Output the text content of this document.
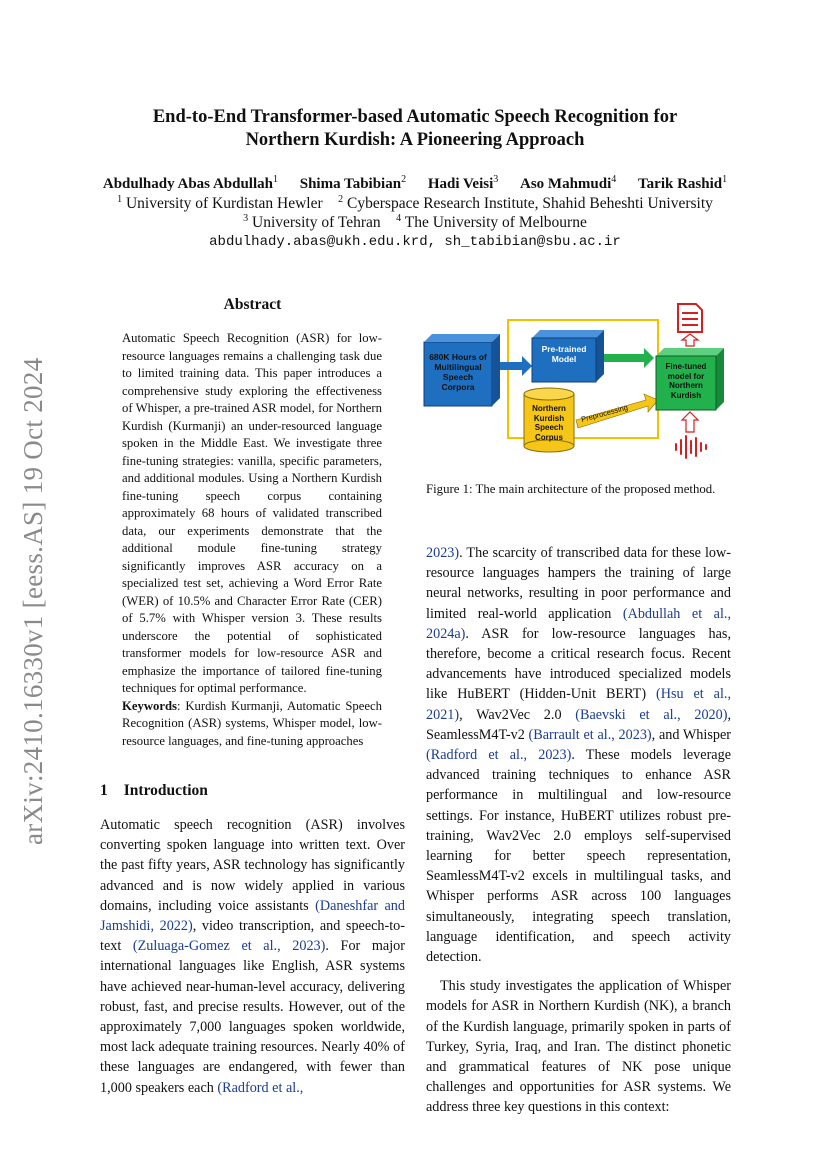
arXiv:2410.16330v1 [eess.AS] 19 Oct 2024
End-to-End Transformer-based Automatic Speech Recognition for
Northern Kurdish: A Pioneering Approach
Abdulhady Abas Abdullah$^1$ Shima Tabibian$^2$ Hadi Veisi$^3$ Aso Mahmudi$^4$ Tarik Rashid$^1$
$^1$ University of Kurdistan Hewler $^2$ Cyberspace Research Institute, Shahid Beheshti University
$^3$ University of Tehran $^4$ The University of Melbourne
abdulhady.abas@ukh.edu.krd, sh_tabibian@sbu.ac.ir
Abstract

Automatic Speech Recognition (ASR) for low-resource languages remains a challenging task due to limited training data. This paper introduces a comprehensive study exploring the effectiveness of Whisper, a pre-trained ASR model, for Northern Kurdish (Kurmanji) an under-resourced language spoken in the Middle East. We investigate three fine-tuning strategies: vanilla, specific parameters, and additional modules. Using a Northern Kurdish fine-tuning speech corpus containing approximately 68 hours of validated transcribed data, our experiments demonstrate that the additional module fine-tuning strategy significantly improves ASR accuracy on a specialized test set, achieving a Word Error Rate (WER) of 10.5% and Character Error Rate (CER) of 5.7% with Whisper version 3. These results underscore the potential of sophisticated transformer models for low-resource ASR and emphasize the importance of tailored fine-tuning techniques for optimal performance.

Keywords: Kurdish Kurmanji, Automatic Speech Recognition (ASR) systems, Whisper model, low-resource languages, and fine-tuning approaches

1 Introduction

Automatic speech recognition (ASR) involves converting spoken language into written text. Over the past fifty years, ASR technology has significantly advanced and is now widely applied in various domains, including voice assistants (Daneshfar and Jamshidi, 2022), video transcription, and speech-to-text (Zuluaga-Gomez et al., 2023). For major international languages like English, ASR systems have achieved near-human-level accuracy, delivering robust, fast, and precise results. However, out of the approximately 7,000 languages spoken worldwide, most lack adequate training resources. Nearly 40% of these languages are endangered, with fewer than 1,000 speakers each (Radford et al.,

2023). The scarcity of transcribed data for these low-resource languages hampers the training of large neural networks, resulting in poor performance and limited real-world application (Abdullah et al., 2024a). ASR for low-resource languages has, therefore, become a critical research focus. Recent advancements have introduced specialized models like HuBERT (Hidden-Unit BERT) (Hsu et al., 2021), Wav2Vec 2.0 (Baevski et al., 2020), SeamlessM4T-v2 (Barrault et al., 2023), and Whisper (Radford et al., 2023). These models leverage advanced training techniques to enhance ASR performance in multilingual and low-resource settings. For instance, HuBERT utilizes robust pre-training, Wav2Vec 2.0 employs self-supervised learning for better speech representation, SeamlessM4T-v2 excels in multilingual tasks, and Whisper performs ASR across 100 languages simultaneously, integrating speech translation, language identification, and speech activity detection.

This study investigates the application of Whisper models for ASR in Northern Kurdish (NK), a branch of the Kurdish language, primarily spoken in parts of Turkey, Syria, Iraq, and Iran. The distinct phonetic and grammatical features of NK pose unique challenges and opportunities for ASR systems. We address three key questions in this context:

680K Hours of Multilingual Speech Corpora
Pre-trained Model
Northern Kurdish Speech Corpus
Preprocessing
Fine-tuned model for Northern Kurdish
Figure 1: The main architecture of the proposed method.
